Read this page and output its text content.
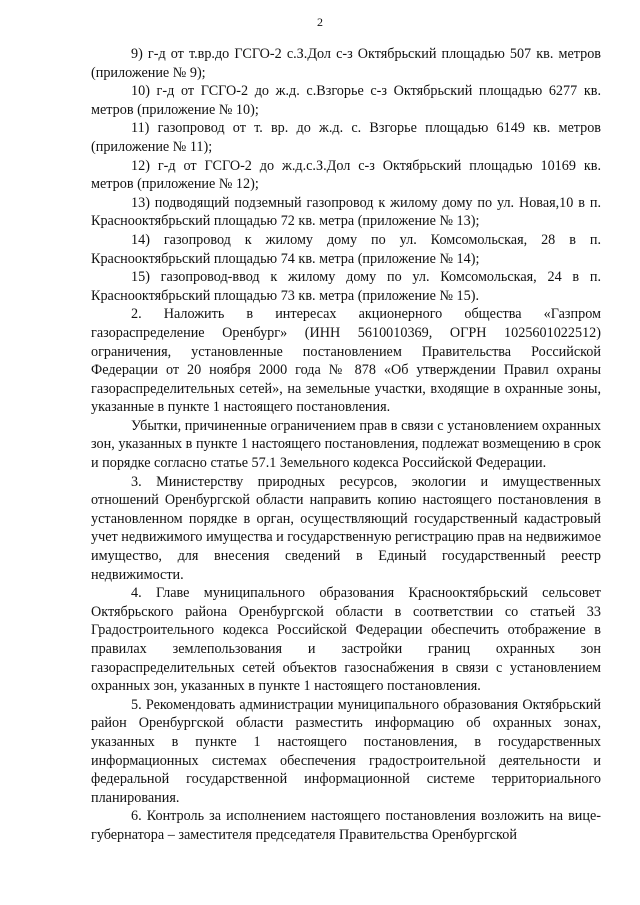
2

9) г-д от т.вр.до ГСГО-2 с.З.Дол с-з Октябрьский площадью 507 кв. метров (приложение № 9);

10) г-д от ГСГО-2 до ж.д. с.Взгорье с-з Октябрьский площадью 6277 кв. метров (приложение № 10);

11) газопровод от т. вр. до ж.д. с. Взгорье площадью 6149 кв. метров (приложение № 11);

12) г-д от ГСГО-2 до ж.д.с.З.Дол с-з Октябрьский площадью 10169 кв. метров (приложение № 12);

13) подводящий подземный газопровод к жилому дому по ул. Новая,10 в п. Краснооктябрьский площадью 72 кв. метра (приложение № 13);

14) газопровод к жилому дому по ул. Комсомольская, 28 в п. Краснооктябрьский площадью 74 кв. метра (приложение № 14);

15) газопровод-ввод к жилому дому по ул. Комсомольская, 24 в п. Краснооктябрьский площадью 73 кв. метра (приложение № 15).

2. Наложить в интересах акционерного общества «Газпром газораспределение Оренбург» (ИНН 5610010369, ОГРН 1025601022512) ограничения, установленные постановлением Правительства Российской Федерации от 20 ноября 2000 года № 878 «Об утверждении Правил охраны газораспределительных сетей», на земельные участки, входящие в охранные зоны, указанные в пункте 1 настоящего постановления.

Убытки, причиненные ограничением прав в связи с установлением охранных зон, указанных в пункте 1 настоящего постановления, подлежат возмещению в срок и порядке согласно статье 57.1 Земельного кодекса Российской Федерации.

3. Министерству природных ресурсов, экологии и имущественных отношений Оренбургской области направить копию настоящего постановления в установленном порядке в орган, осуществляющий государственный кадастровый учет недвижимого имущества и государственную регистрацию прав на недвижимое имущество, для внесения сведений в Единый государственный реестр недвижимости.

4. Главе муниципального образования Краснооктябрьский сельсовет Октябрьского района Оренбургской области в соответствии со статьей 33 Градостроительного кодекса Российской Федерации обеспечить отображение в правилах землепользования и застройки границ охранных зон газораспределительных сетей объектов газоснабжения в связи с установлением охранных зон, указанных в пункте 1 настоящего постановления.

5. Рекомендовать администрации муниципального образования Октябрьский район Оренбургской области разместить информацию об охранных зонах, указанных в пункте 1 настоящего постановления, в государственных информационных системах обеспечения градостроительной деятельности и федеральной государственной информационной системе территориального планирования.

6. Контроль за исполнением настоящего постановления возложить на вице-губернатора – заместителя председателя Правительства Оренбургской
